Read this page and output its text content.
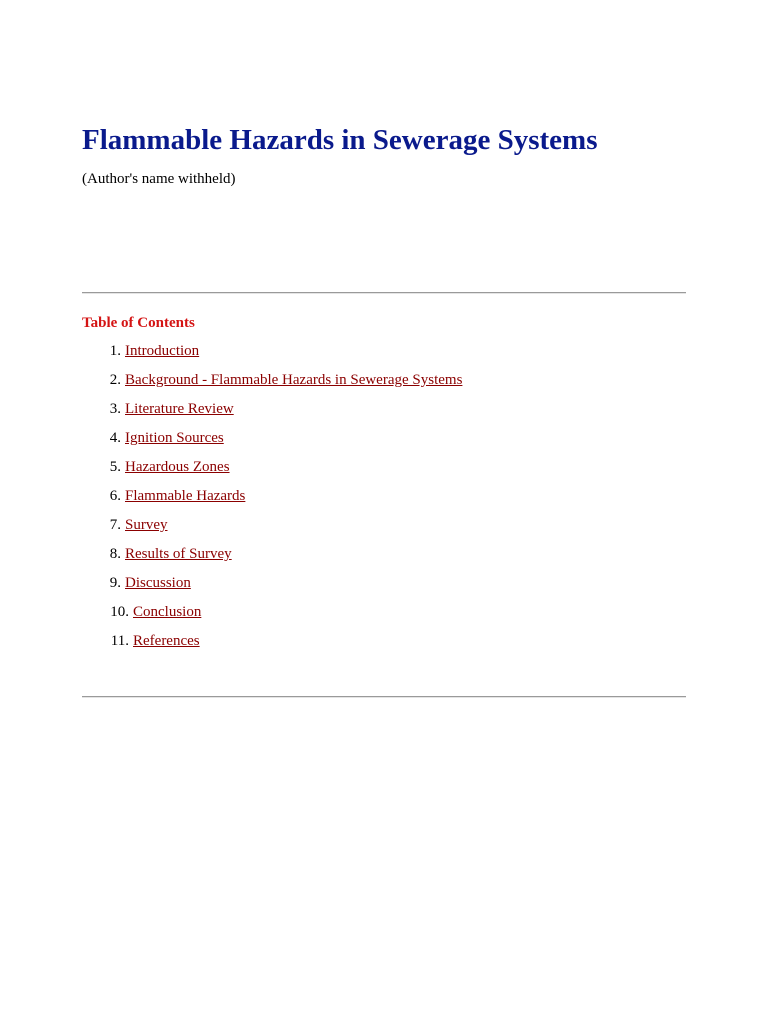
Flammable Hazards in Sewerage Systems
(Author's name withheld)
Table of Contents
1. Introduction
2. Background - Flammable Hazards in Sewerage Systems
3. Literature Review
4. Ignition Sources
5. Hazardous Zones
6. Flammable Hazards
7. Survey
8. Results of Survey
9. Discussion
10. Conclusion
11. References
